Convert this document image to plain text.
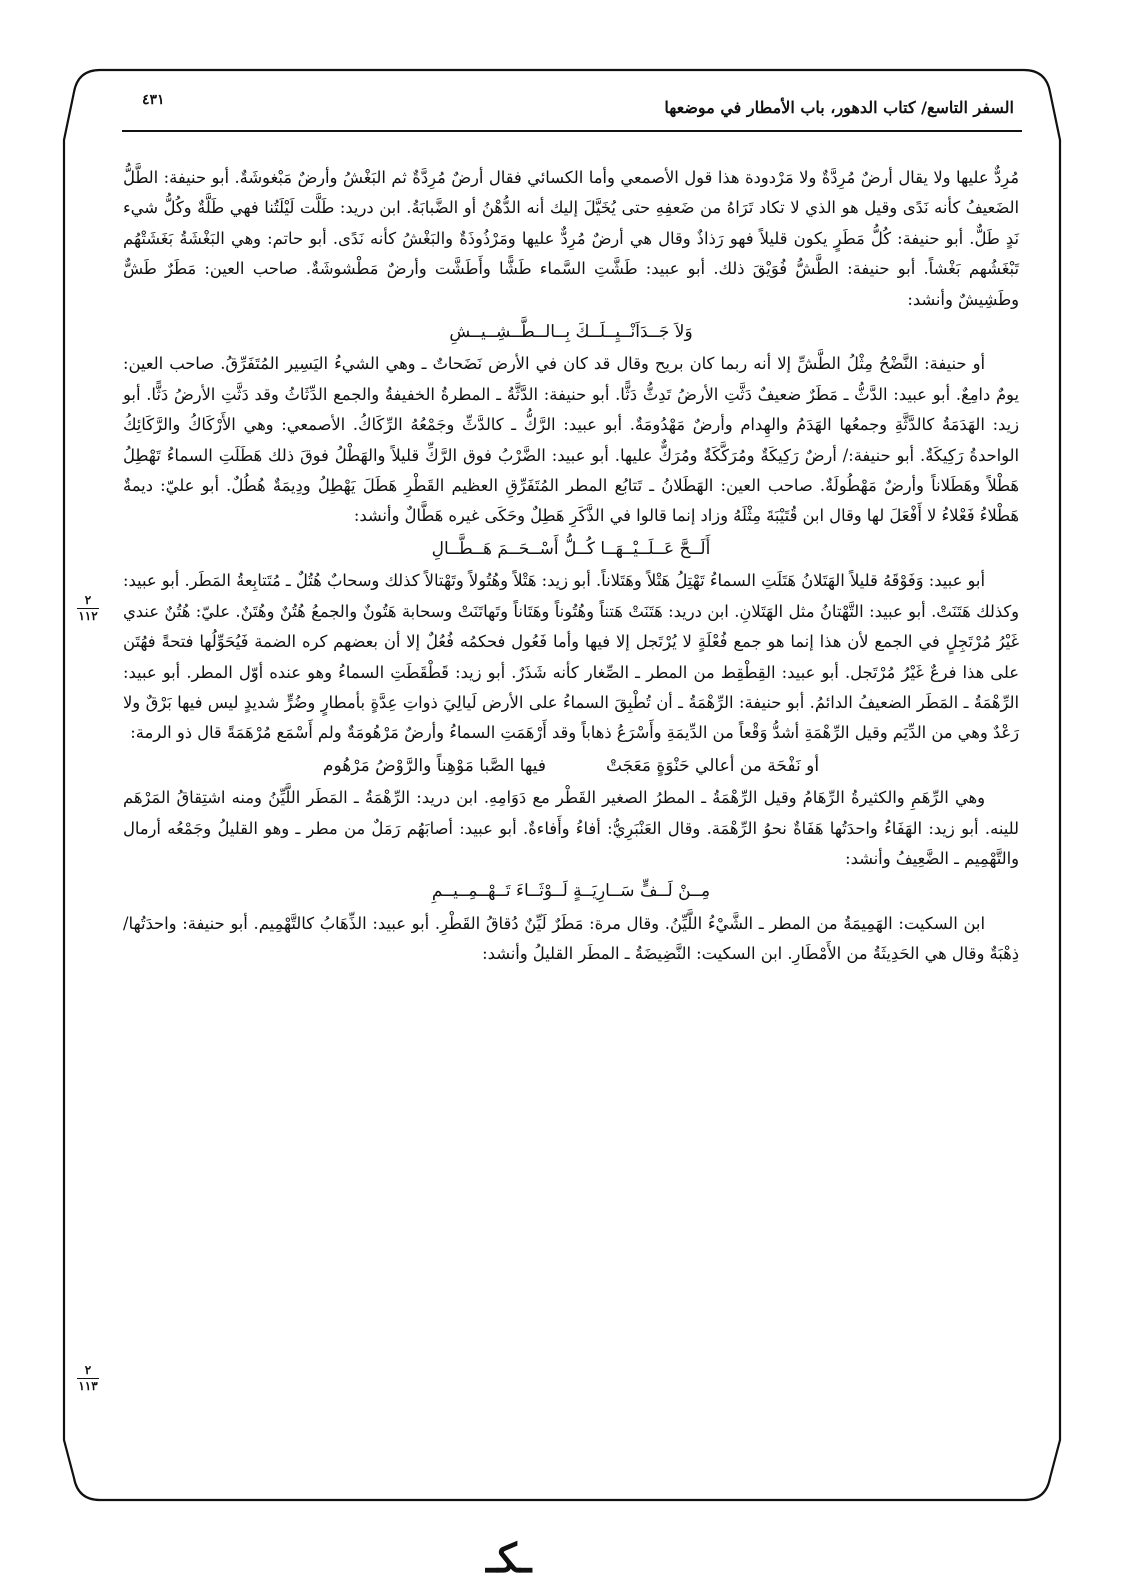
السفر التاسع/ كتاب الدهور، باب الأمطار في موضعها
٤٣١

مُرِدٌّ عليها ولا يقال أرضٌ مُرِدَّةٌ ولا مَرْدودة هذا قول الأصمعي وأما الكسائي فقال أرضٌ مُرِدَّةٌ ثم البَغْشُ وأرضٌ مَبْغوشَةٌ. أبو حنيفة: الطَّلُّ الضَعيفُ كأنه نَدًى وقيل هو الذي لا تكاد تَرَاهُ من ضَعفِهِ حتى يُخَيَّلَ إليك أنه الدُّهْنُ أو الضَّبابَةُ. ابن دريد: طَلَّت لَيْلَتُنا فهي طَلَّةٌ وكُلُّ شيء نَدٍ طَلٌّ. أبو حنيفة: كُلُّ مَطَرٍ يكون قليلاً فهو رَذاذٌ وقال هي أرضٌ مُرِدٌّ عليها ومَرْذُوذَةٌ والبَغْشُ كأنه نَدًى. أبو حاتم: وهي البَغْشَةُ بَغَشَتْهُم تَبْغَشُهم بَغْشاً. أبو حنيفة: الطَّشُّ فُوَيْقَ ذلك. أبو عبيد: طَشَّتِ السَّماء طَشًّا وأَطَشَّت وأرضٌ مَطْشوشَةٌ. صاحب العين: مَطَرٌ طَشٌّ وطَشِيشٌ وأنشد:

وَلاَ جَــدَاَنْــيِــلَــكَ بِــالــطَّــشِــيــشِ

أو حنيفة: النَّضْحُ مِثْلُ الطَّشِّ إلا أنه ربما كان بريح وقال قد كان في الأرض نَضَحاتٌ ـ وهي الشيءُ اليَسِير المُتَفَرِّقُ. صاحب العين: يومٌ دامِعٌ. أبو عبيد: الدَّثُّ ـ مَطَرٌ ضعيفٌ دَثَّتِ الأرضُ تَدِثُّ دَثًّا. أبو حنيفة: الدَّثَّةُ ـ المطرةُ الخفيفةُ والجمع الدِّثَاثُ وقد دَثَّتِ الأرضُ دَثًّا. أبو زيد: الهَدَمَةُ كالدَّثَّةِ وجمعُها الهَدَمُ والهِدام وأرضٌ مَهْدُومَةٌ. أبو عبيد: الرَّكُّ ـ كالدَّثِّ وجَمْعُهُ الرِّكَاكُ. الأصمعي: وهي الأَرْكَاكُ والرَّكَائِكُ الواحدةُ رَكِيكَةٌ. أبو حنيفة:/ أرضٌ رَكِيكَةٌ ومُرَكَّكَةٌ ومُرَكٌّ عليها. أبو عبيد: الضَّرْبُ فوق الرَّكِّ قليلاً والهَطْلُ فوقَ ذلك هَطَلَتِ السماءُ تَهْطِلُ هَطْلاً وهَطَلاناً وأرضٌ مَهْطُولَةٌ. صاحب العين: الهَطَلانُ ـ تَتابُع المطر المُتَفَرِّقِ العظيم القَطْرِ هَطَلَ يَهْطِلُ ودِيمَةٌ هُطُلٌ. أبو عليّ: ديمةٌ هَطْلاءُ فَعْلاءُ لا أَفْعَلَ لها وقال ابن قُتَيْبَةَ مِثْلَهُ وزاد إنما قالوا في الذَّكَرِ هَطِلٌ وحَكَى غيره هَطَّالٌ وأنشد:

أَلَــحَّ عَــلَــيْــهَــا كُــلُّ أَسْــحَــمَ هَــطَّــالِ

أبو عبيد: وَفَوْقَهُ قليلاً الهَتَلانُ هَتَلَتِ السماءُ تَهْتِلُ هَتْلاً وهَتَلاناً. أبو زيد: هَتْلاً وهُتُولاً وتَهْتالاً كذلك وسحابٌ هُتُلٌ ـ مُتَتابِعةُ المَطَر. أبو عبيد: وكذلك هَتَنَتْ. أبو عبيد: التَّهْتانُ مثل الهَتَلانِ. ابن دريد: هَتَنَتْ هَتناً وهُتُوناً وهَتَاناً وتَهاتَنَتْ وسحابة هَتُونٌ والجمعُ هُتُنٌ وهُتَنٌ. عليّ: هُتُنٌ عندي غَيْرُ مُرْتَجِلٍ في الجمع لأن هذا إنما هو جمع فُعْلَةٍ لا يُرْتَجل إلا فيها وأما فَعُول فحكمُه فُعُلٌ إلا أن بعضهم كره الضمة فَيُحَوِّلُها فتحةً فهُتَن على هذا فرعٌ غَيْرُ مُرْتَجل. أبو عبيد: القِطْقِط من المطر ـ الصِّغار كأنه شَذَرٌ. أبو زيد: قَطْقَطَتِ السماءُ وهو عنده أوّل المطر. أبو عبيد: الرِّهْمَةُ ـ المَطَر الضعيفُ الدائمُ. أبو حنيفة: الرِّهْمَةُ ـ أن تُطْبِقَ السماءُ على الأرض لَيالِيَ ذواتِ عِدَّةٍ بأمطارٍ وضُرٍّ شديدٍ ليس فيها بَرْقٌ ولا رَعْدٌ وهي من الدِّيَم وقيل الرِّهْمَةِ أشدُّ وَقْعاً من الدِّيمَةِ وأَسْرَعُ ذهاباً وقد أَرْهَمَتِ السماءُ وأرضٌ مَرْهُومَةٌ ولم أَسْمَع مُرْهَمَةً قال ذو الرمة:

أو نَفْحَة من أعالي حَنْوَةٍ مَعَجَتْ
فيها الصَّبا مَوْهِناً والرَّوْضُ مَرْهُوم

وهي الرِّهَمِ والكثيرةُ الرِّهَامُ وقيل الرِّهْمَةُ ـ المطرُ الصغير القَطْر مع دَوَامِهِ. ابن دريد: الرِّهْمَةُ ـ المَطَر اللَّيِّنُ ومنه اشتِقاقُ المَرْهَم للينه. أبو زيد: الهَفَاءُ واحدَتُها هَفَاةٌ نحوُ الرِّهْمَة. وقال العَنْبَرِيُّ: أفاءُ وأَفاءةٌ. أبو عبيد: أصابَهُم رَمَلٌ من مطر ـ وهو القليلُ وجَمْعُه أرمال والتَّهْمِيم ـ الضَّعِيفُ وأنشد:

مِــنْ لَــفٍّ سَــارِيَــةٍ لَــوْثَــاءَ تَــهْــمِــيــمِ

ابن السكيت: الهَمِيمَةُ من المطر ـ الشَّيْءُ اللَّيِّنُ. وقال مرة: مَطَرٌ لَيِّنٌ دُقاقُ القَطْرِ. أبو عبيد: الذِّهَابُ كالتَّهْمِيم. أبو حنيفة: واحدَتُها/ ذِهْبَةٌ وقال هي الحَدِيثَةُ من الأَمْطَارِ. ابن السكيت: النَّضِيضَةُ ـ المطَر القليلُ وأنشد:

٢
١١٢
٢
١١٣
ـكـ
